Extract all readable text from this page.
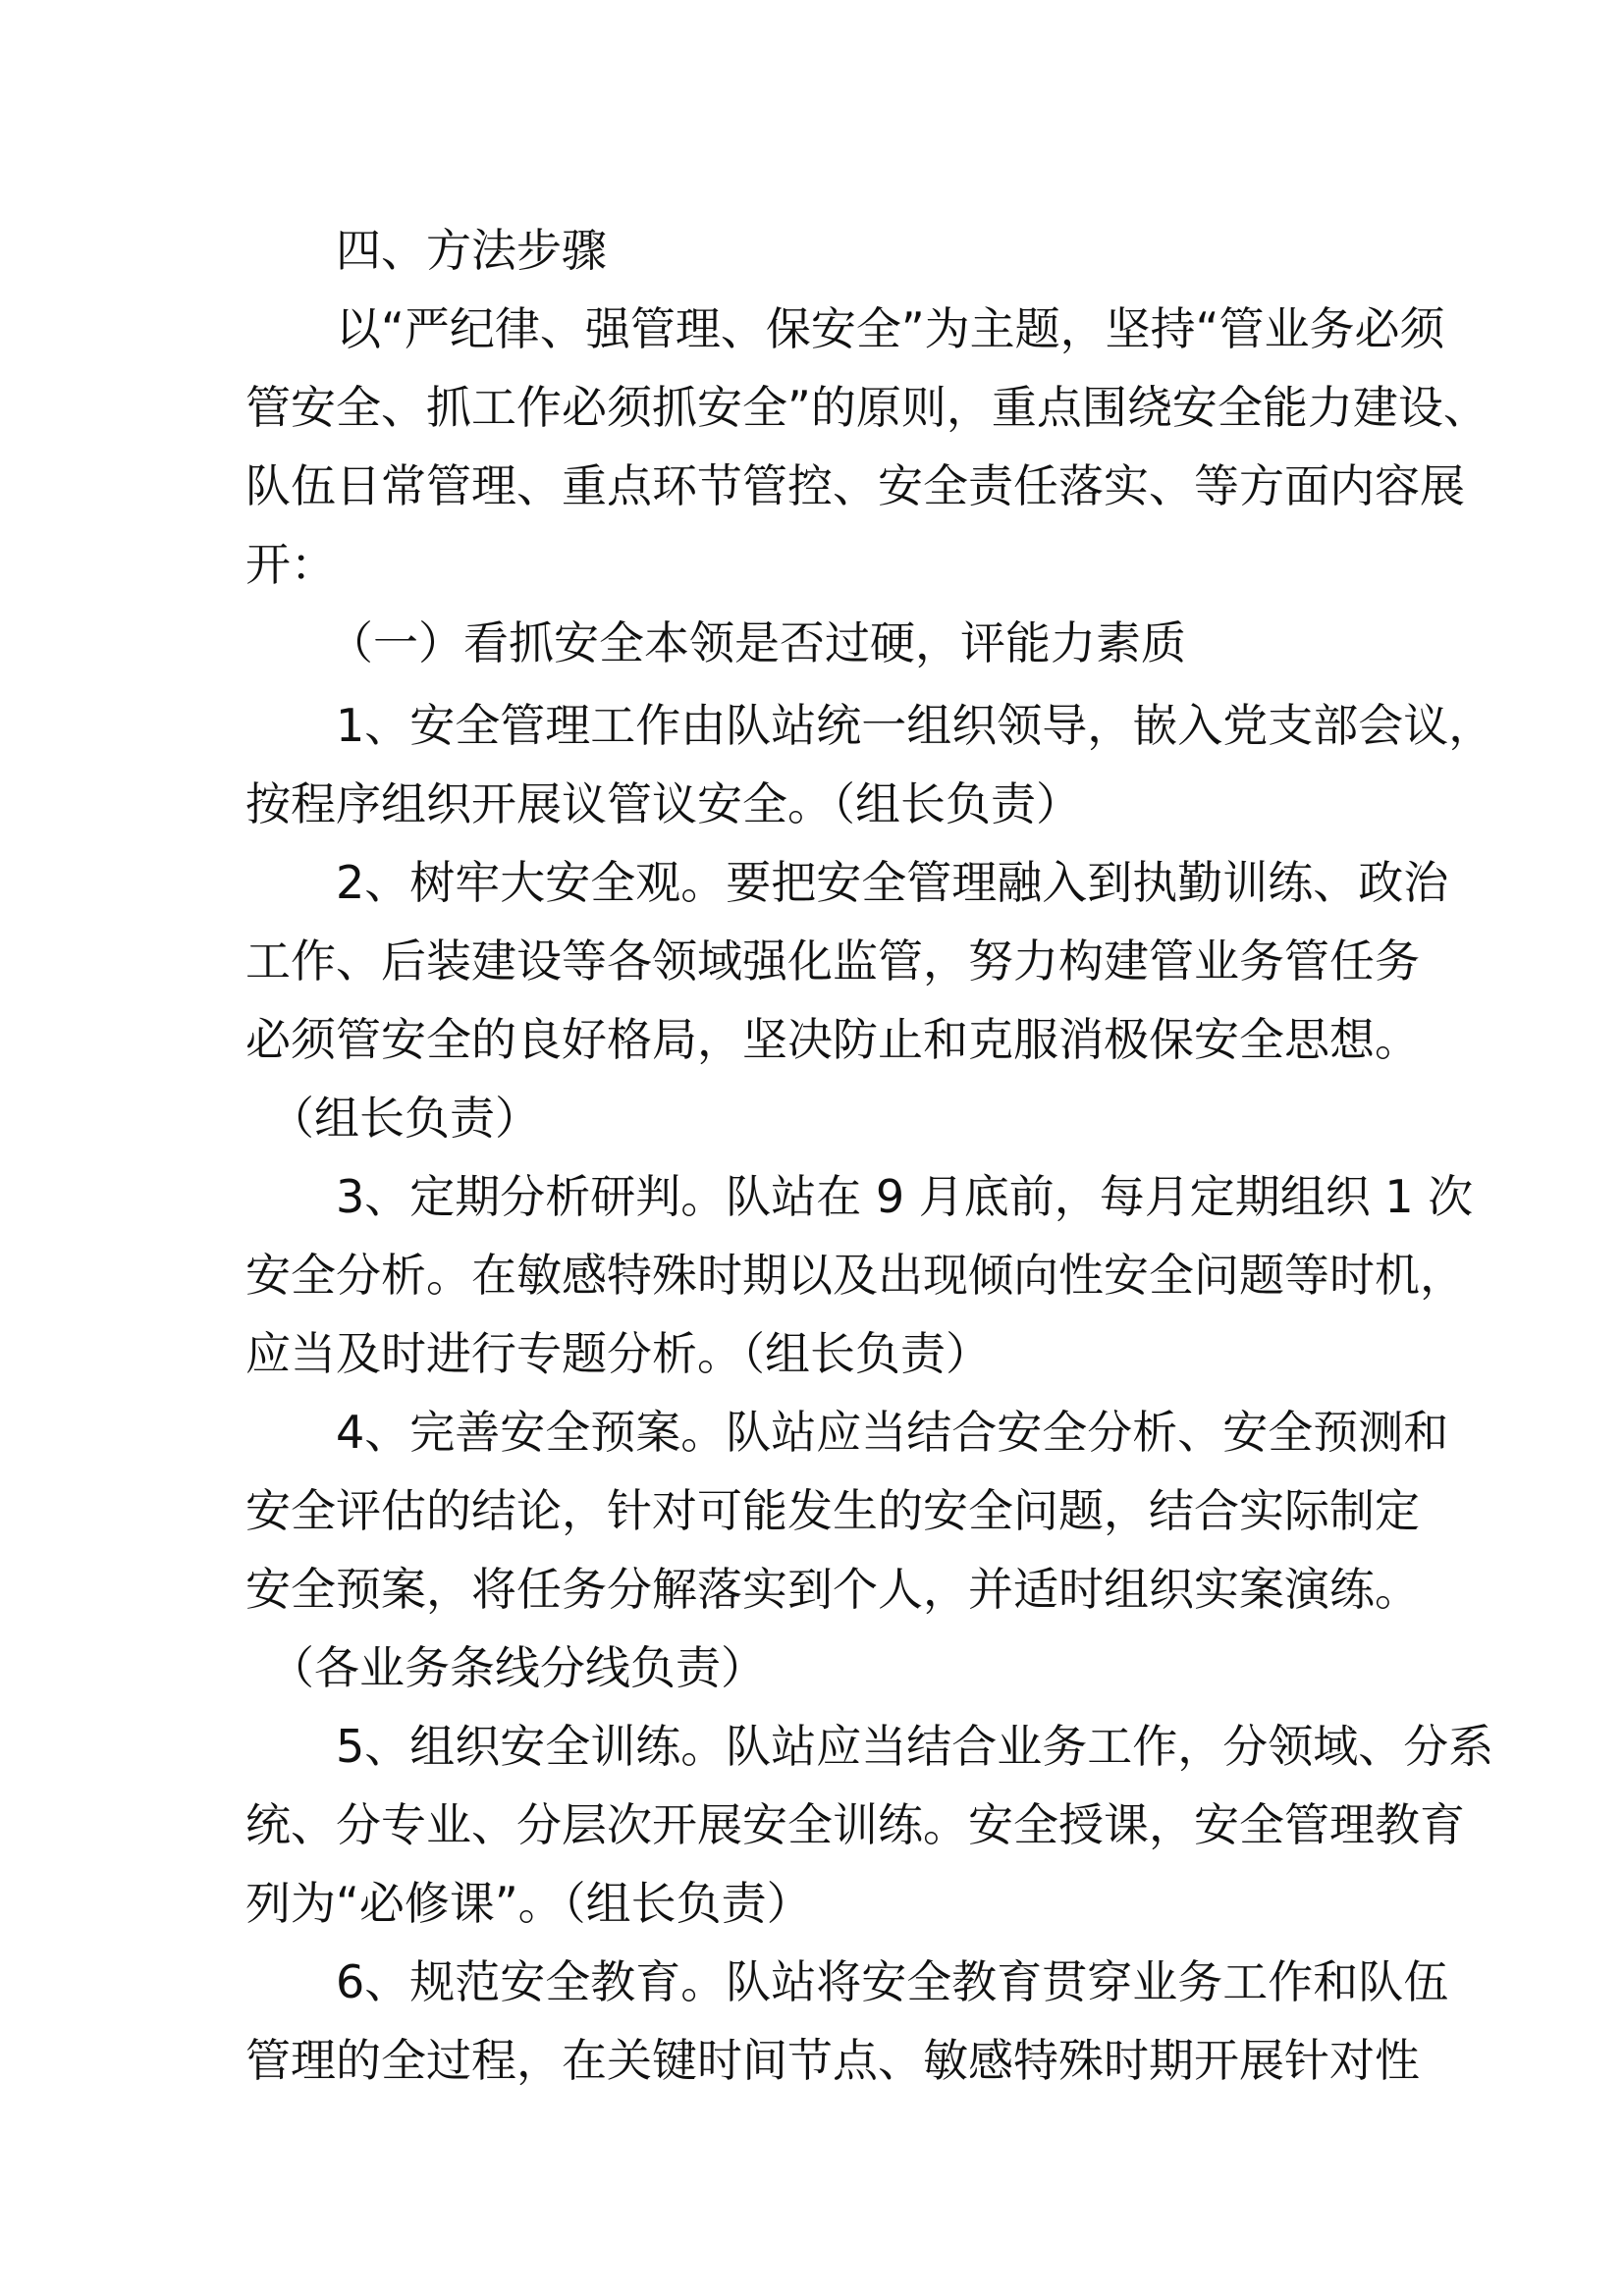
四、方法步骤
以“严纪律、强管理、保安全”为主题，坚持“管业务必须
管安全、抓工作必须抓安全”的原则，重点围绕安全能力建设、
队伍日常管理、重点环节管控、安全责任落实、等方面内容展
开：
（一）看抓安全本领是否过硬，评能力素质
1、安全管理工作由队站统一组织领导，嵌入党支部会议，
按程序组织开展议管议安全。（组长负责）
2、树牢大安全观。要把安全管理融入到执勤训练、政治
工作、后装建设等各领域强化监管，努力构建管业务管任务
必须管安全的良好格局，坚决防止和克服消极保安全思想。
（组长负责）
3、定期分析研判。队站在 9 月底前，每月定期组织 1 次
安全分析。在敏感特殊时期以及出现倾向性安全问题等时机，
应当及时进行专题分析。（组长负责）
4、完善安全预案。队站应当结合安全分析、安全预测和
安全评估的结论，针对可能发生的安全问题，结合实际制定
安全预案，将任务分解落实到个人，并适时组织实案演练。
（各业务条线分线负责）
5、组织安全训练。队站应当结合业务工作，分领域、分系
统、分专业、分层次开展安全训练。安全授课，安全管理教育
列为“必修课”。（组长负责）
6、规范安全教育。队站将安全教育贯穿业务工作和队伍
管理的全过程，在关键时间节点、敏感特殊时期开展针对性
